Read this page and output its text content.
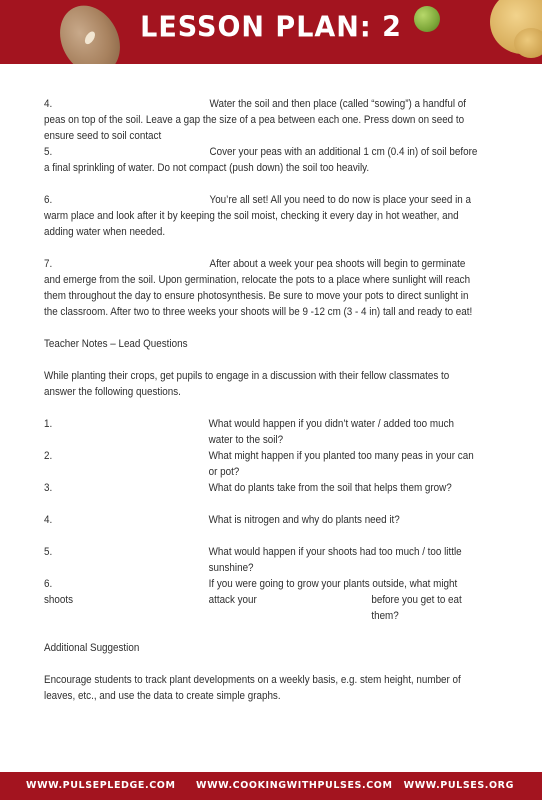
LESSON PLAN: 2

4.	Water the soil and then place (called “sowing”) a handful of peas on top of the soil. Leave a gap the size of a pea between each one. Press down on seed to ensure seed to soil contact

5.	Cover your peas with an additional 1 cm (0.4 in) of soil before a final sprinkling of water. Do not compact (push down) the soil too heavily.

6.	You’re all set! All you need to do now is place your seed in a warm place and look after it by keeping the soil moist, checking it every day in hot weather, and adding water when needed.

7.	After about a week your pea shoots will begin to germinate and emerge from the soil. Upon germination, relocate the pots to a place where sunlight will reach them throughout the day to ensure photosynthesis. Be sure to move your pots to direct sunlight in the classroom. After two to three weeks your shoots will be 9 -12 cm (3 - 4 in) tall and ready to eat!

Teacher Notes – Lead Questions

While planting their crops, get pupils to engage in a discussion with their fellow classmates to answer the following questions.

1.	What would happen if you didn’t water / added too much water to the soil?
2.	What might happen if you planted too many peas in your can or pot?
3.	What do plants take from the soil that helps them grow?
4.	What is nitrogen and why do plants need it?
5.	What would happen if your shoots had too much / too little sunshine?
6.	If you were going to grow your plants outside, what might attack your
shoots	before you get to eat them?

Additional Suggestion

Encourage students to track plant developments on a weekly basis, e.g. stem height, number of leaves, etc., and use the data to create simple graphs.

WWW.PULSEPLEDGE.COM WWW.COOKINGWITHPULSES.COM WWW.PULSES.ORG
